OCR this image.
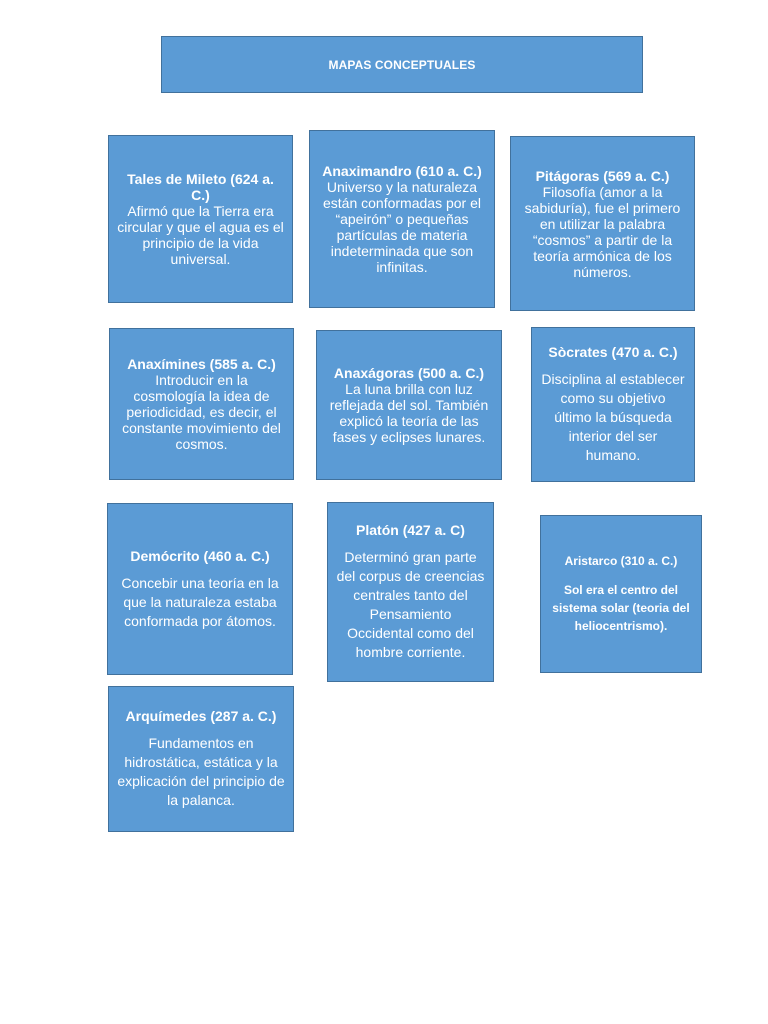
MAPAS CONCEPTUALES
Tales de Mileto (624 a. C.)
Afirmó que la Tierra era circular y que el agua es el principio de la vida universal.
Anaximandro (610 a. C.)
Universo y la naturaleza están conformadas por el “apeirón” o pequeñas partículas de materia indeterminada que son infinitas.
Pitágoras (569 a. C.)
Filosofía (amor a la sabiduría), fue el primero en utilizar la palabra “cosmos” a partir de la teoría armónica de los números.
Anaxímines (585 a. C.)
Introducir en la cosmología la idea de periodicidad, es decir, el constante movimiento del cosmos.
Anaxágoras (500 a. C.)
La luna brilla con luz reflejada del sol. También explicó la teoría de las fases y eclipses lunares.
Sòcrates (470 a. C.)
Disciplina al establecer como su objetivo último la búsqueda interior del ser humano.
Demócrito (460 a. C.)
Concebir una teoría en la que la naturaleza estaba conformada por átomos.
Platón (427 a. C)
Determinó gran parte del corpus de creencias centrales tanto del Pensamiento Occidental como del hombre corriente.
Aristarco (310 a. C.)
Sol era el centro del sistema solar (teoria del heliocentrismo).
Arquímedes (287 a. C.)
Fundamentos en hidrostática, estática y la explicación del principio de la palanca.
